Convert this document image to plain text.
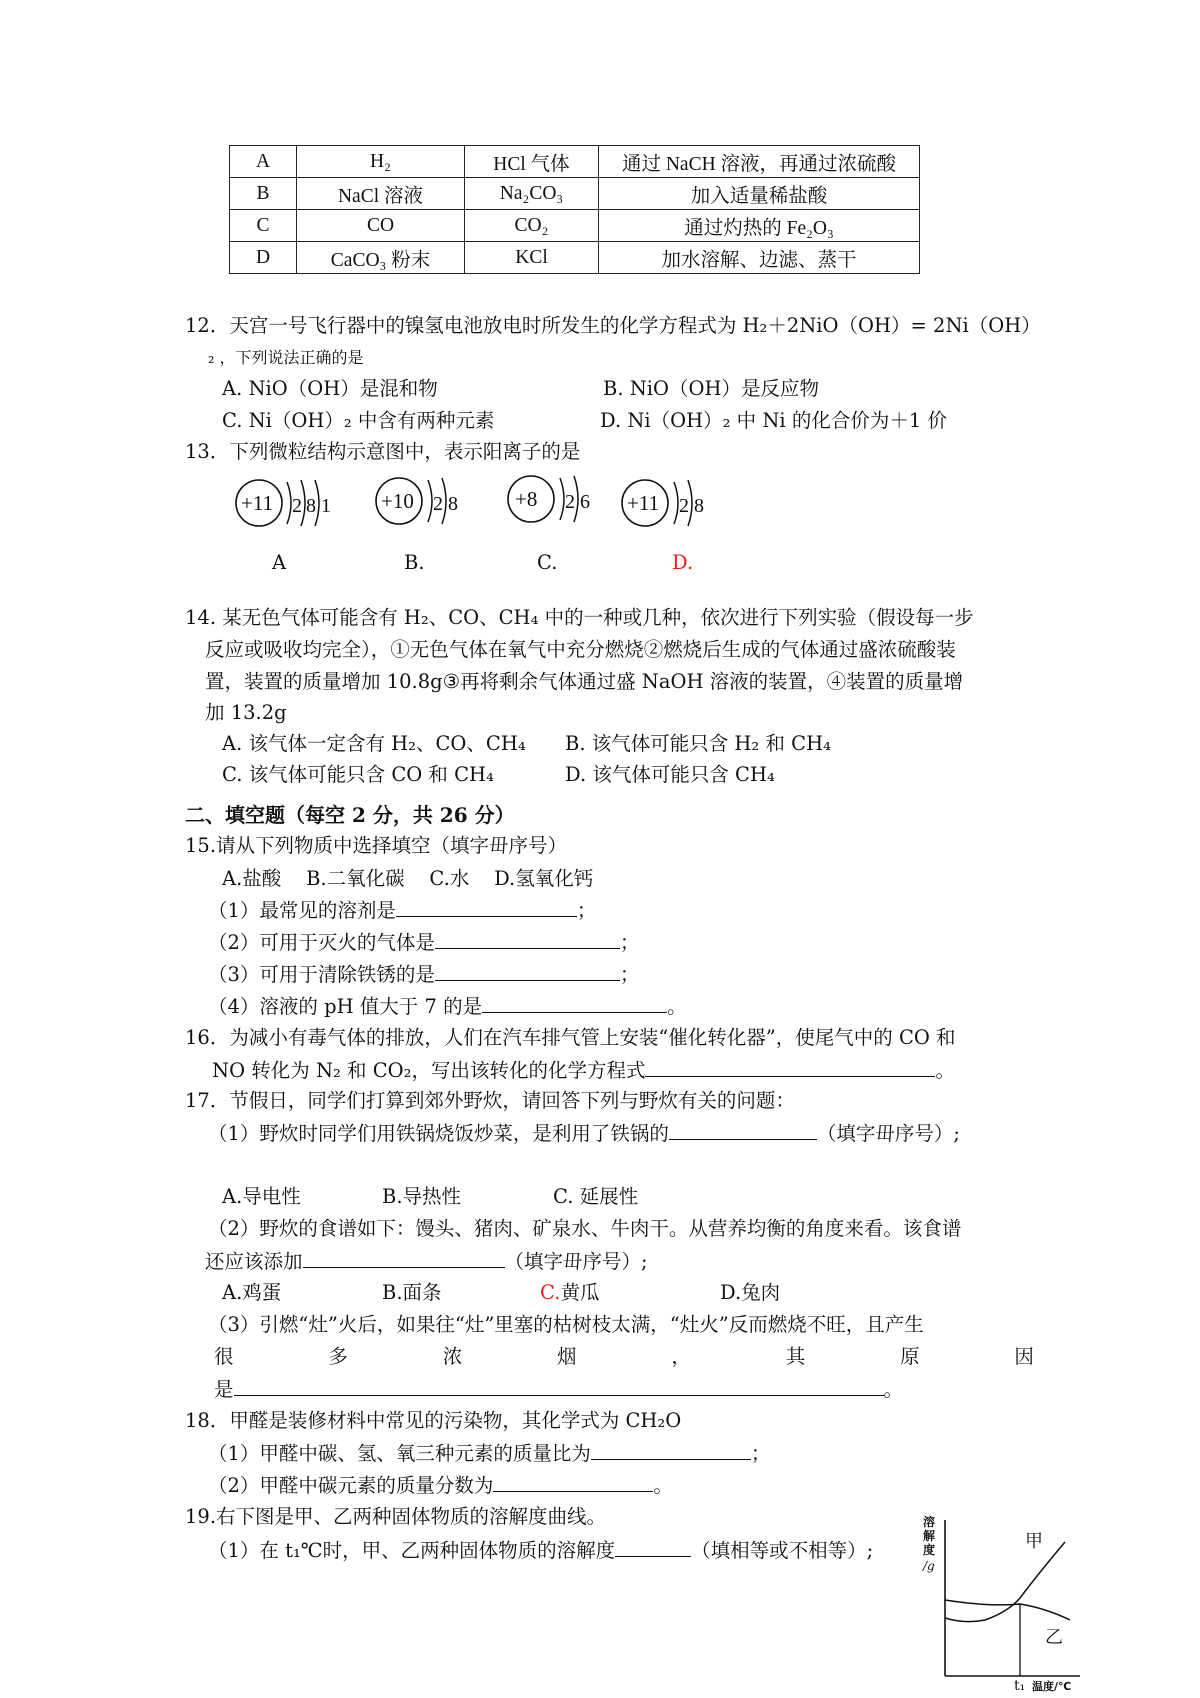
A	H₂	HCl 气体	通过 NaCH 溶液，再通过浓硫酸
B	NaCl 溶液	Na₂CO₃	加入适量稀盐酸
C	CO	CO₂	通过灼热的 Fe₂O₃
D	CaCO₃ 粉末	KCl	加水溶解、边滤、蒸干
12．天宫一号飞行器中的镍氢电池放电时所发生的化学方程式为 H₂＋2NiO（OH）= 2Ni（OH）
₂ ，下列说法正确的是
A. NiO（OH）是混和物	B. NiO（OH）是反应物
C. Ni（OH）₂ 中含有两种元素	D. Ni（OH）₂ 中 Ni 的化合价为＋1 价
13．下列微粒结构示意图中，表示阳离子的是
+11 2 8 1 +10 2 8	+8 2 6 +11 2 8
A	B.	C.	D.
14. 某无色气体可能含有 H₂、CO、CH₄ 中的一种或几种，依次进行下列实验（假设每一步
反应或吸收均完全），①无色气体在氧气中充分燃烧②燃烧后生成的气体通过盛浓硫酸装
置，装置的质量增加 10.8g③再将剩余气体通过盛 NaOH 溶液的装置，④装置的质量增
加 13.2g
A. 该气体一定含有 H₂、CO、CH₄ B. 该气体可能只含 H₂ 和 CH₄
C. 该气体可能只含 CO 和 CH₄	D. 该气体可能只含 CH₄
二、填空题（每空 2 分，共 26 分）
15.请从下列物质中选择填空（填字毌序号）
A.盐酸    B.二氧化碳    C.水    D.氢氧化钙
（1）最常见的溶剂是	；
（2）可用于灭火的气体是	；
（3）可用于清除铁锈的是	；
（4）溶液的 pH 值大于 7 的是	。
16．为减小有毒气体的排放，人们在汽车排气管上安装“催化转化器”，使尾气中的 CO 和
NO 转化为 N₂ 和 CO₂，写出该转化的化学方程式	。
17．节假日，同学们打算到郊外野炊，请回答下列与野炊有关的问题：
（1）野炊时同学们用铁锅烧饭炒菜，是利用了铁锅的	（填字毌序号）;
A.导电性	B.导热性	C. 延展性
（2）野炊的食谱如下：馒头、猪肉、矿泉水、牛肉干。从营养均衡的角度来看。该食谱
还应该添加	（填字毌序号）;
A.鸡蛋	B.面条	C.黄瓜	D.兔肉
（3）引燃“灶”火后，如果往“灶”里塞的枯树枝太满，“灶火”反而燃烧不旺，且产生
很	多	浓	烟	，	其	原	因
是	。
18．甲醛是装修材料中常见的污染物，其化学式为 CH₂O
（1）甲醛中碳、氢、氧三种元素的质量比为	；
（2）甲醛中碳元素的质量分数为	。
19.右下图是甲、乙两种固体物质的溶解度曲线。
（1）在 t₁℃时，甲、乙两种固体物质的溶解度	（填相等或不相等）;
溶
解
度
/g
甲
乙
t₁ 温度/℃
